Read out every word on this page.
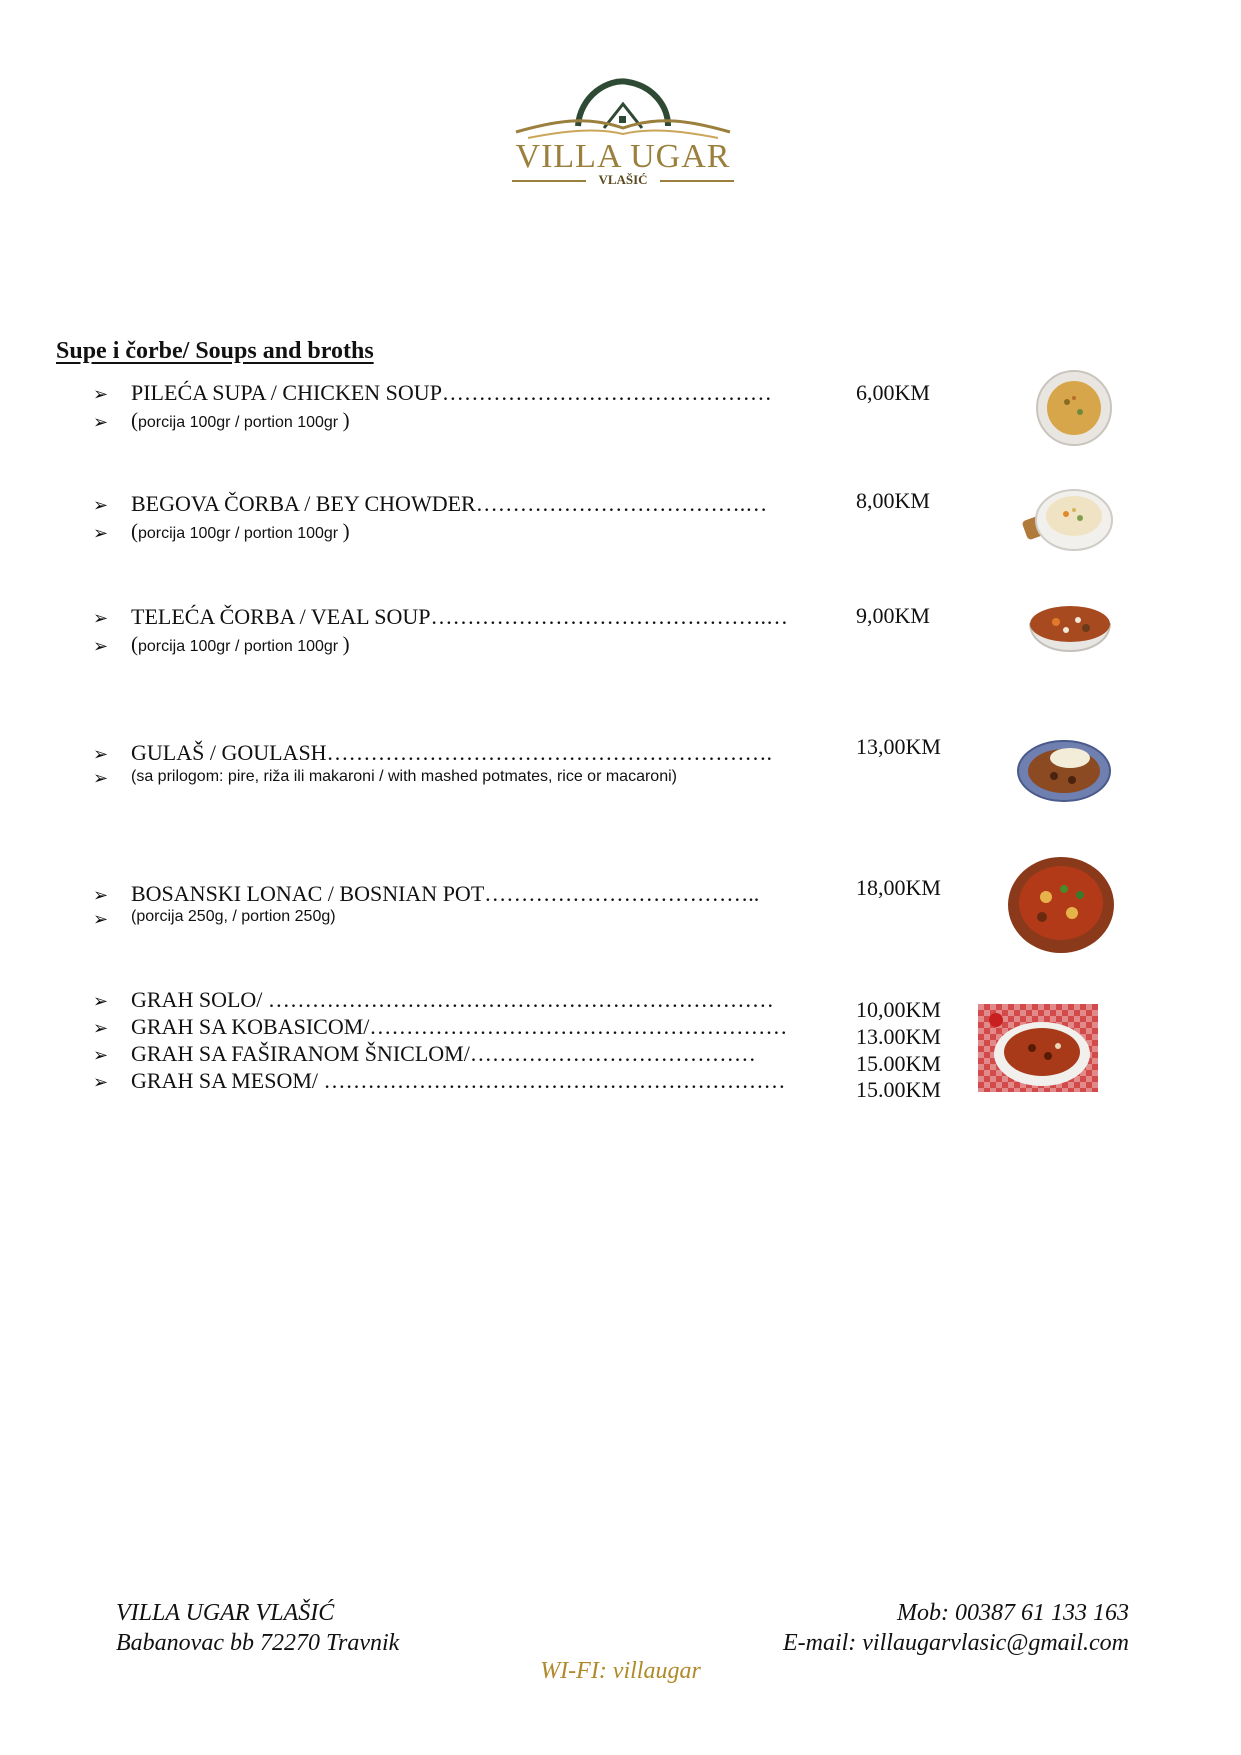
VILLA UGAR
VLAŠIĆ
Supe i čorbe/ Soups and broths
➢ PILEĆA SUPA / CHICKEN SOUP………………………………………
➢ (porcija 100gr / portion 100gr )
6,00KM
➢ BEGOVA ČORBA / BEY CHOWDER……………………………….…
➢ (porcija 100gr / portion 100gr )
8,00KM
➢ TELEĆA ČORBA / VEAL SOUP……………………………………….…
➢ (porcija 100gr / portion 100gr )
9,00KM
➢ GULAŠ / GOULASH…………………………………………………….
➢ (sa prilogom: pire, riža ili makaroni / with mashed potmates, rice or macaroni)
13,00KM
➢ BOSANSKI LONAC / BOSNIAN POT………………………………..
➢ (porcija 250g, / portion 250g)
18,00KM
➢ GRAH SOLO/ ……………………………………………………………
➢ GRAH SA KOBASICOM/…………………………………………………
➢ GRAH SA FAŠIRANOM ŠNICLOM/…………………………………
➢ GRAH SA MESOM/ ………………………………………………………
10,00KM
13.00KM
15.00KM
15.00KM
VILLA UGAR VLAŠIĆ
Babanovac bb 72270 Travnik
Mob: 00387 61 133 163
E-mail: villaugarvlasic@gmail.com
WI-FI: villaugar
